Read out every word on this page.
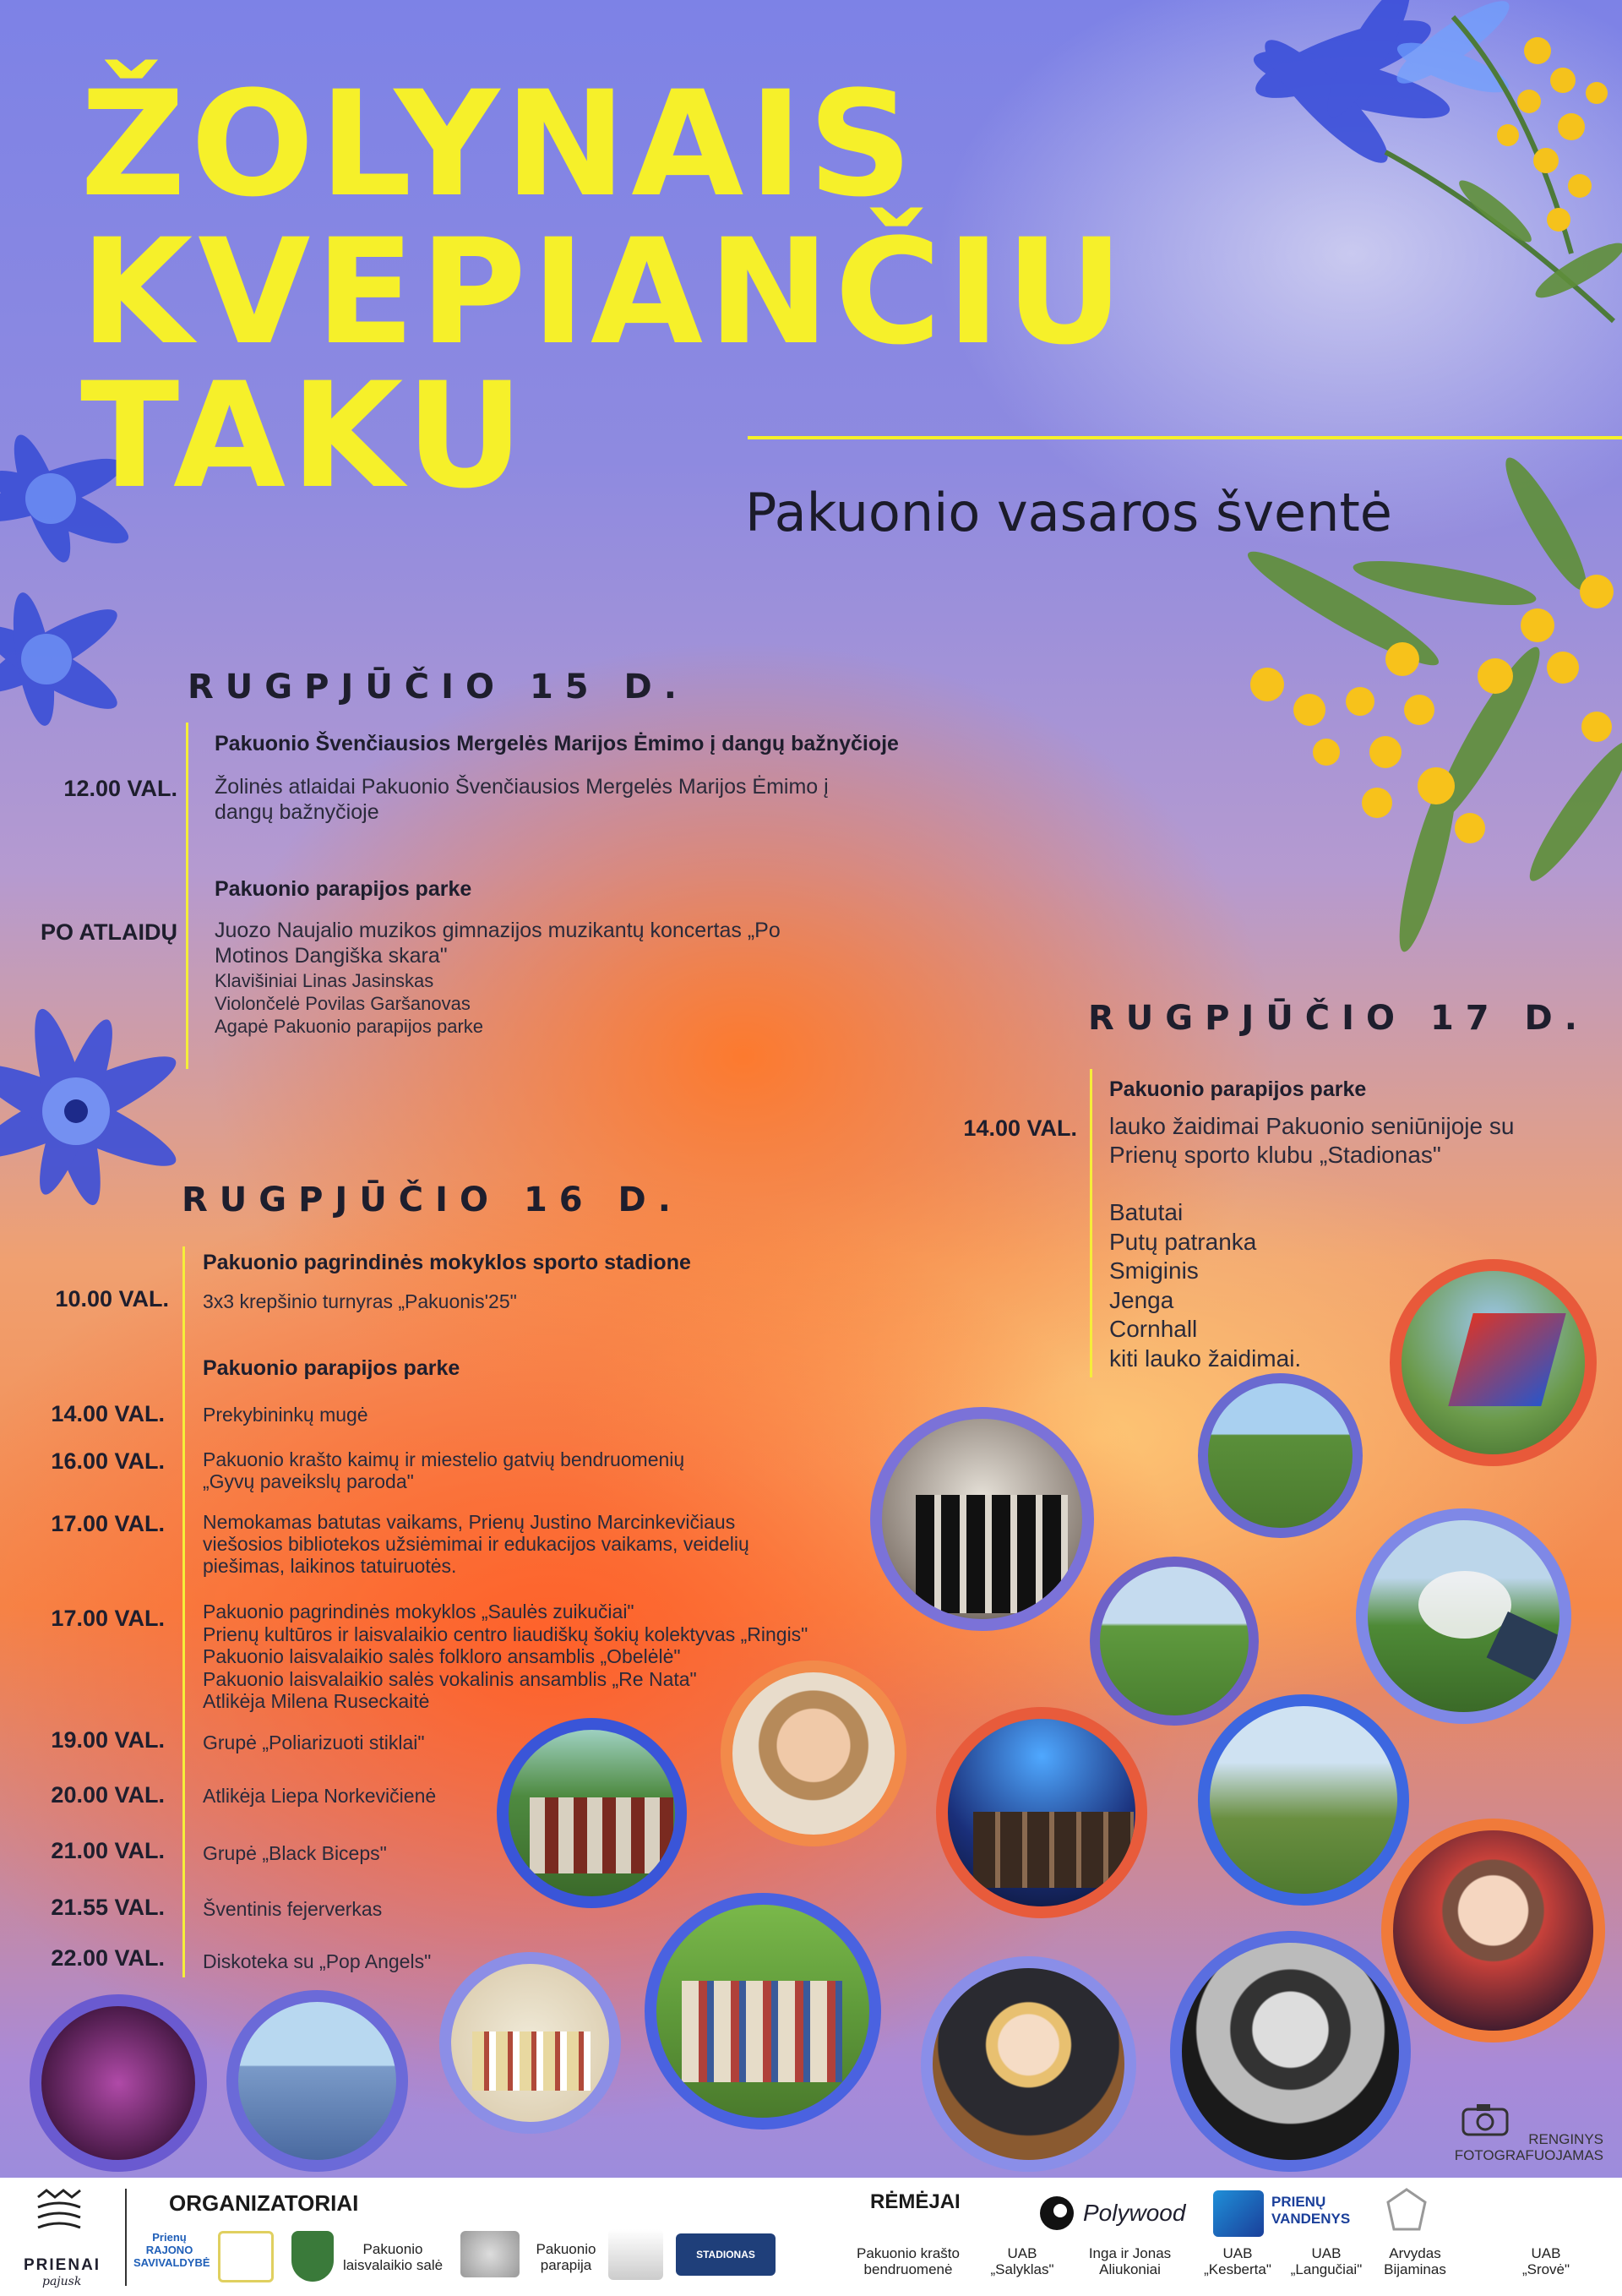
ŽOLYNAIS
KVEPIANČIU
TAKU	Pakuonio vasaros šventė
RUGPJŪČIO 15 D.
Pakuonio Švenčiausios Mergelės Marijos Ėmimo į dangų bažnyčioje
12.00 VAL. Žolinės atlaidai Pakuonio Švenčiausios Mergelės Marijos Ėmimo į
dangų bažnyčioje
Pakuonio parapijos parke
PO ATLAIDŲ Juozo Naujalio muzikos gimnazijos muzikantų koncertas „Po
Motinos Dangiška skara"
Klavišiniai Linas Jasinskas
Violončelė Povilas Garšanovas
Agapė Pakuonio parapijos parke	RUGPJŪČIO 17 D.
Pakuonio parapijos parke
14.00 VAL. lauko žaidimai Pakuonio seniūnijoje su
Prienų sporto klubu „Stadionas"
Batutai
Putų patranka
Smiginis
Jenga
Cornhall
kiti lauko žaidimai.
RUGPJŪČIO 16 D.
Pakuonio pagrindinės mokyklos sporto stadione
10.00 VAL. 3x3 krepšinio turnyras „Pakuonis'25"
Pakuonio parapijos parke
14.00 VAL. Prekybininkų mugė
16.00 VAL. Pakuonio krašto kaimų ir miestelio gatvių bendruomenių
„Gyvų paveikslų paroda"
17.00 VAL. Nemokamas batutas vaikams, Prienų Justino Marcinkevičiaus
viešosios bibliotekos užsiėmimai ir edukacijos vaikams, veidelių
piešimas, laikinos tatuiruotės.
17.00 VAL. Pakuonio pagrindinės mokyklos „Saulės zuikučiai"
Prienų kultūros ir laisvalaikio centro liaudiškų šokių kolektyvas „Ringis"
Pakuonio laisvalaikio salės folkloro ansamblis „Obelėlė"
Pakuonio laisvalaikio salės vokalinis ansamblis „Re Nata"
Atlikėja Milena Ruseckaitė
19.00 VAL. Grupė „Poliarizuoti stiklai"
20.00 VAL. Atlikėja Liepa Norkevičienė
21.00 VAL. Grupė „Black Biceps"
21.55 VAL. Šventinis fejerverkas
22.00 VAL. Diskoteka su „Pop Angels"
RENGINYS
FOTOGRAFUOJAMAS
PRIENAI
pajusk
ORGANIZATORIAI
Prienų
RAJONO
SAVIVALDYBĖ
Pakuonio
laisvalaikio salė
Pakuonio
parapija
STADIONAS
RĖMĖJAI	Polywood	PRIENŲ
VANDENYS
Pakuonio krašto
bendruomenė
UAB
„Salyklas"
Inga ir Jonas
Aliukoniai
UAB
„Kesberta"
UAB
„Langučiai"
Arvydas
Bijaminas
UAB
„Srovė"
